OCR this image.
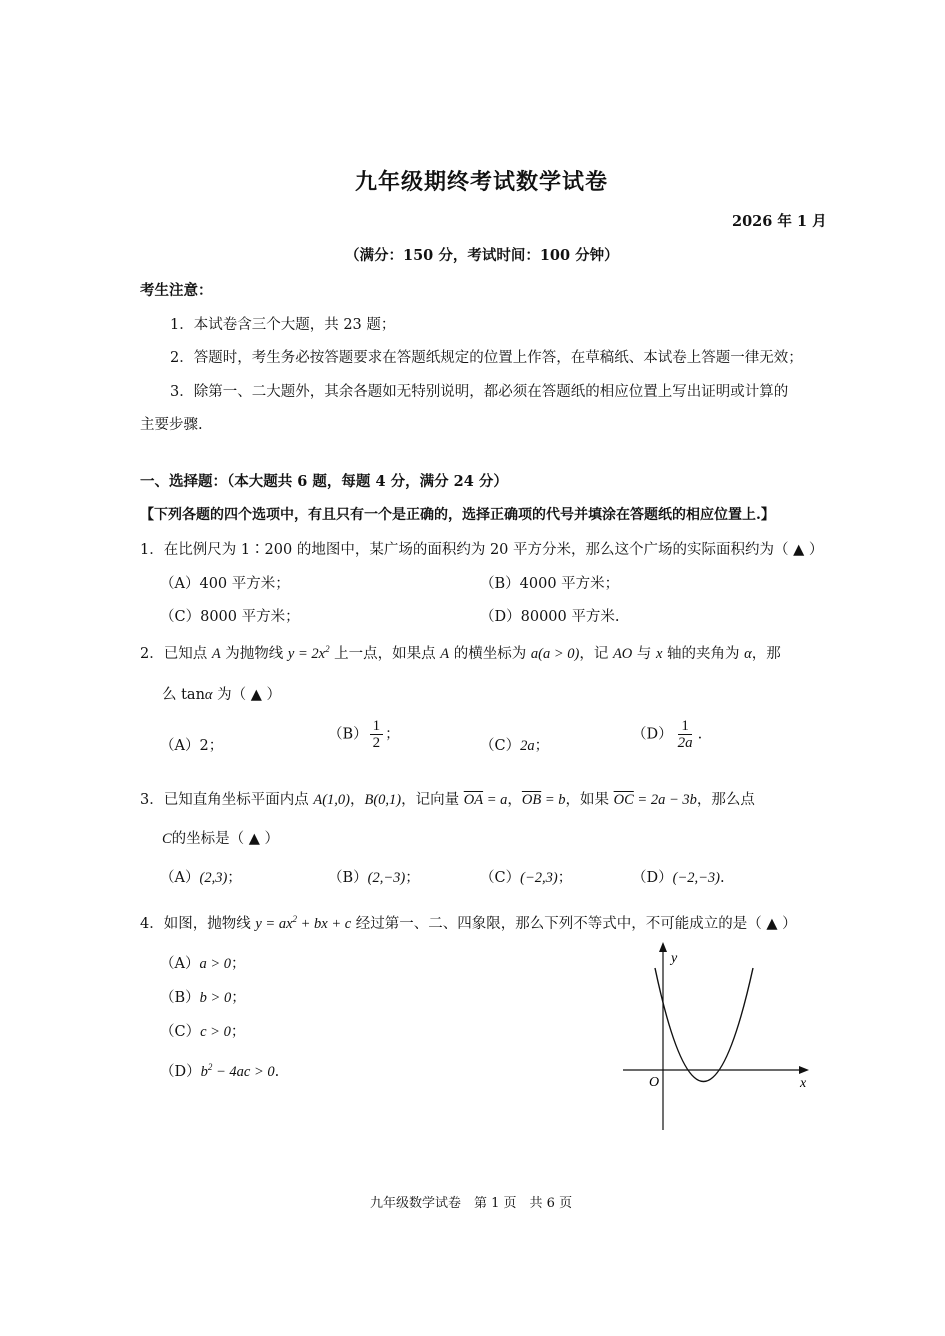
九年级期终考试数学试卷
2026 年 1 月
（满分：150 分，考试时间：100 分钟）
考生注意：
1．本试卷含三个大题，共 23 题；
2．答题时，考生务必按答题要求在答题纸规定的位置上作答，在草稿纸、本试卷上答题一律无效；
3．除第一、二大题外，其余各题如无特别说明，都必须在答题纸的相应位置上写出证明或计算的
主要步骤.
一、选择题：（本大题共 6 题，每题 4 分，满分 24 分）
【下列各题的四个选项中，有且只有一个是正确的，选择正确项的代号并填涂在答题纸的相应位置上.】
1．在比例尺为 1∶200 的地图中，某广场的面积约为 20 平方分米，那么这个广场的实际面积约为（ ▲ ）
（A）400 平方米；	（B）4000 平方米；
（C）8000 平方米；	（D）80000 平方米.
2．已知点 A 为抛物线 $y = 2x^2$ 上一点，如果点 A 的横坐标为 a(a > 0)，记 AO 与 x 轴的夹角为 α，那
么 tanα 为（ ▲ ）
（A）2；
$(B) \frac{1}{2}$ ；
（C）2a；
$(D) \frac{1}{2a}$ .
3．已知直角坐标平面内点 A(1,0)，B(0,1)，记向量 $\overline{OA} = a$，$\overline{OB} = b$，如果 $\overline{OC} = 2a - 3b$，那么点
C的坐标是（ ▲ ）
（A）(2,3)；	（B）(2,−3)；	（C）(−2,3)；	（D）(−2,−3).
4．如图，抛物线 $y = ax^2$ + bx + c 经过第一、二、四象限，那么下列不等式中，不可能成立的是（ ▲ ）
（A）a > 0；
（B）b > 0；
（C）c > 0；
$(D)b^2 - 4ac > 0$.
y
x
O
九年级数学试卷　第 1 页　共 6 页
